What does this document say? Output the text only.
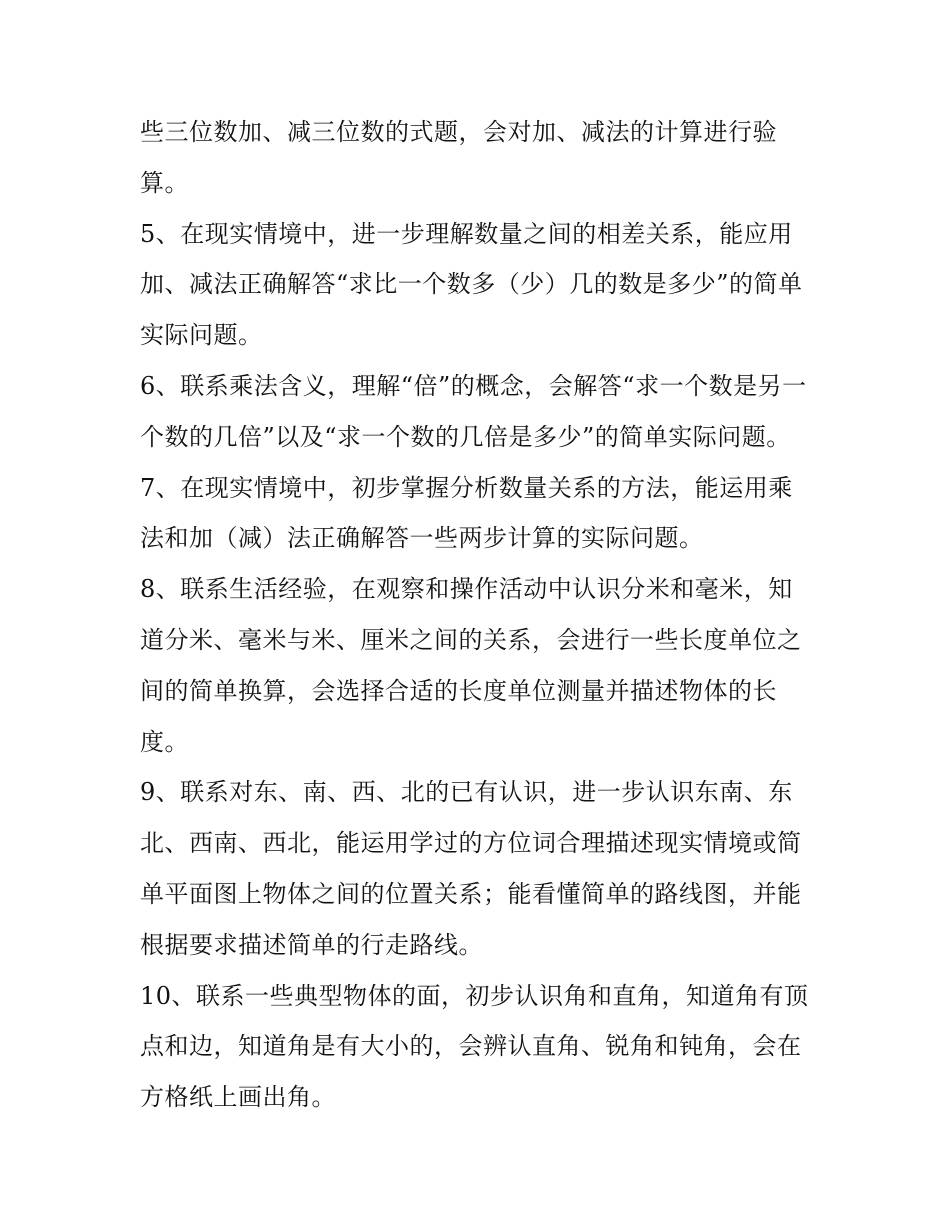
些三位数加、减三位数的式题，会对加、减法的计算进行验
算。
5、在现实情境中，进一步理解数量之间的相差关系，能应用
加、减法正确解答“求比一个数多（少）几的数是多少”的简单
实际问题。
6、联系乘法含义，理解“倍”的概念，会解答“求一个数是另一
个数的几倍”以及“求一个数的几倍是多少”的简单实际问题。
7、在现实情境中，初步掌握分析数量关系的方法，能运用乘
法和加（减）法正确解答一些两步计算的实际问题。
8、联系生活经验，在观察和操作活动中认识分米和毫米，知
道分米、毫米与米、厘米之间的关系，会进行一些长度单位之
间的简单换算，会选择合适的长度单位测量并描述物体的长
度。
9、联系对东、南、西、北的已有认识，进一步认识东南、东
北、西南、西北，能运用学过的方位词合理描述现实情境或简
单平面图上物体之间的位置关系；能看懂简单的路线图，并能
根据要求描述简单的行走路线。
10、联系一些典型物体的面，初步认识角和直角，知道角有顶
点和边，知道角是有大小的，会辨认直角、锐角和钝角，会在
方格纸上画出角。
